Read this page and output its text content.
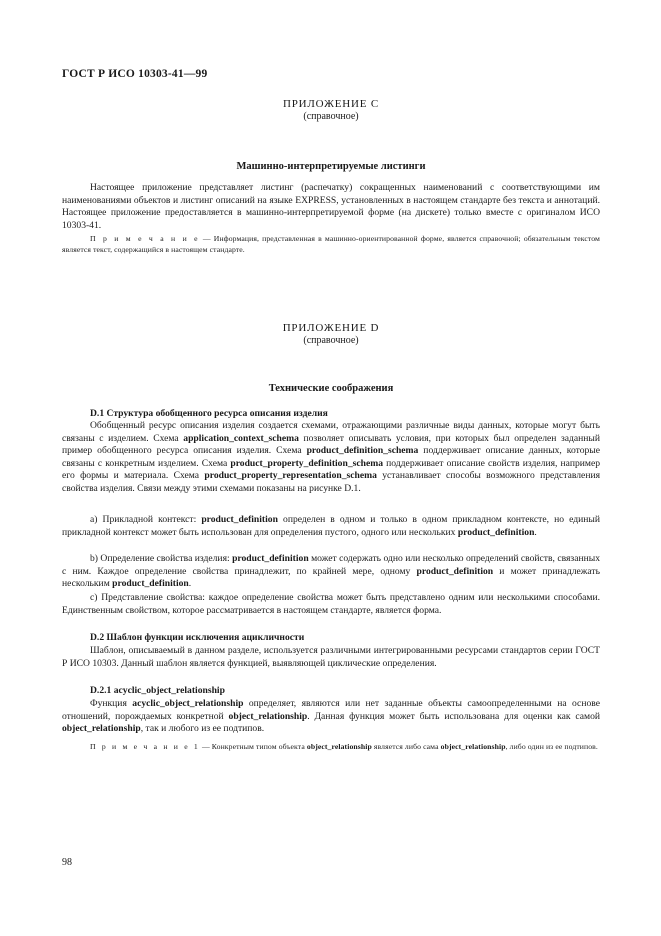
ГОСТ Р ИСО 10303-41—99
ПРИЛОЖЕНИЕ С
(справочное)
Машинно-интерпретируемые листинги

Настоящее приложение представляет листинг (распечатку) сокращенных наименований с соответствующими им наименованиями объектов и листинг описаний на языке EXPRESS, установленных в настоящем стандарте без текста и аннотаций. Настоящее приложение предоставляется в машинно-интерпретируемой форме (на дискете) только вместе с оригиналом ИСО 10303-41.

П р и м е ч а н и е — Информация, представленная в машинно-ориентированной форме, является справочной; обязательным текстом является текст, содержащийся в настоящем стандарте.

ПРИЛОЖЕНИЕ D
(справочное)
Технические соображения
D.1 Структура обобщенного ресурса описания изделия

Обобщенный ресурс описания изделия создается схемами, отражающими различные виды данных, которые могут быть связаны с изделием. Схема application_context_schema позволяет описывать условия, при которых был определен заданный пример обобщенного ресурса описания изделия. Схема product_definition_schema поддерживает описание данных, которые связаны с конкретным изделием. Схема product_property_definition_schema поддерживает описание свойств изделия, например его формы и материала. Схема product_property_representation_schema устанавливает способы возможного представления свойства изделия. Связи между этими схемами показаны на рисунке D.1.

a) Прикладной контекст: product_definition определен в одном и только в одном прикладном контексте, но единый прикладной контекст может быть использован для определения пустого, одного или нескольких product_definition.

b) Определение свойства изделия: product_definition может содержать одно или несколько определений свойств, связанных с ним. Каждое определение свойства принадлежит, по крайней мере, одному product_definition и может принадлежать нескольким product_definition.

c) Представление свойства: каждое определение свойства может быть представлено одним или несколькими способами. Единственным свойством, которое рассматривается в настоящем стандарте, является форма.

D.2 Шаблон функции исключения ацикличности

Шаблон, описываемый в данном разделе, используется различными интегрированными ресурсами стандартов серии ГОСТ Р ИСО 10303. Данный шаблон является функцией, выявляющей циклические определения.

D.2.1 acyclic_object_relationship

Функция acyclic_object_relationship определяет, являются или нет заданные объекты самоопределенными на основе отношений, порождаемых конкретной object_relationship. Данная функция может быть использована для оценки как самой object_relationship, так и любого из ее подтипов.

П р и м е ч а н и е 1 — Конкретным типом объекта object_relationship является либо сама object_relationship, либо один из ее подтипов.

98
